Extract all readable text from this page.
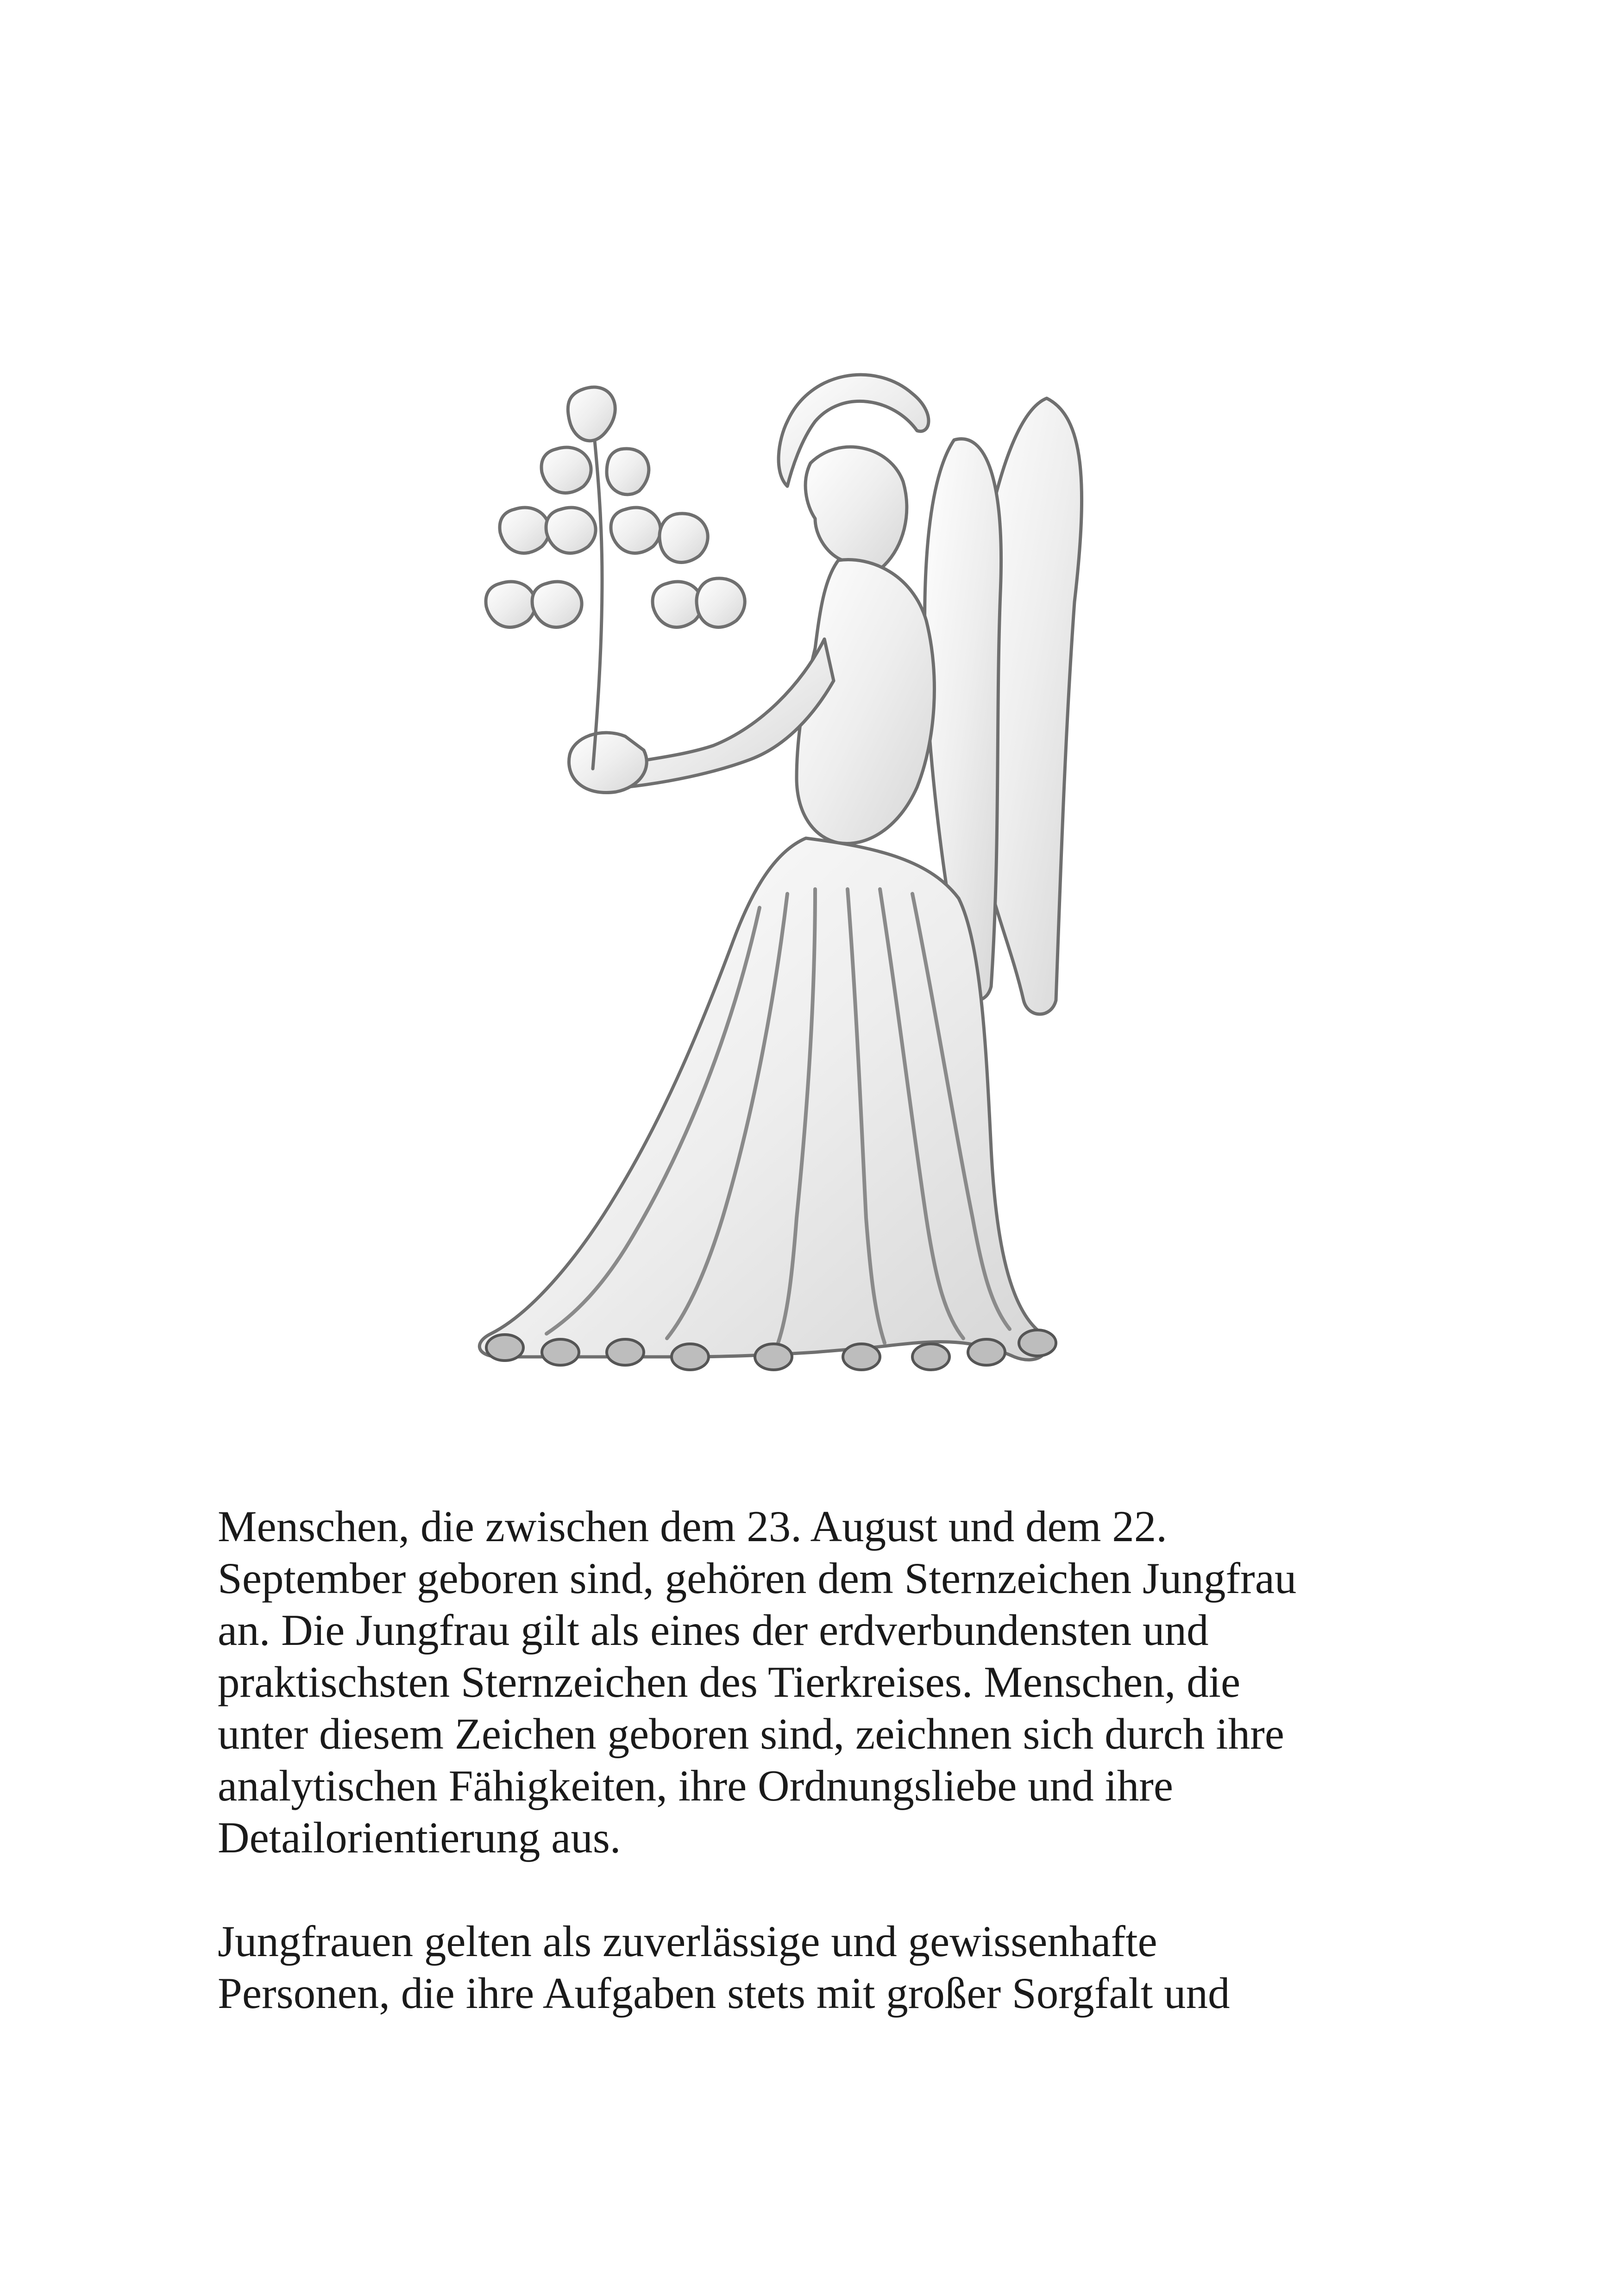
Menschen, die zwischen dem 23. August und dem 22.
September geboren sind, gehören dem Sternzeichen Jungfrau
an. Die Jungfrau gilt als eines der erdverbundensten und
praktischsten Sternzeichen des Tierkreises. Menschen, die
unter diesem Zeichen geboren sind, zeichnen sich durch ihre
analytischen Fähigkeiten, ihre Ordnungsliebe und ihre
Detailorientierung aus.

Jungfrauen gelten als zuverlässige und gewissenhafte
Personen, die ihre Aufgaben stets mit großer Sorgfalt und
